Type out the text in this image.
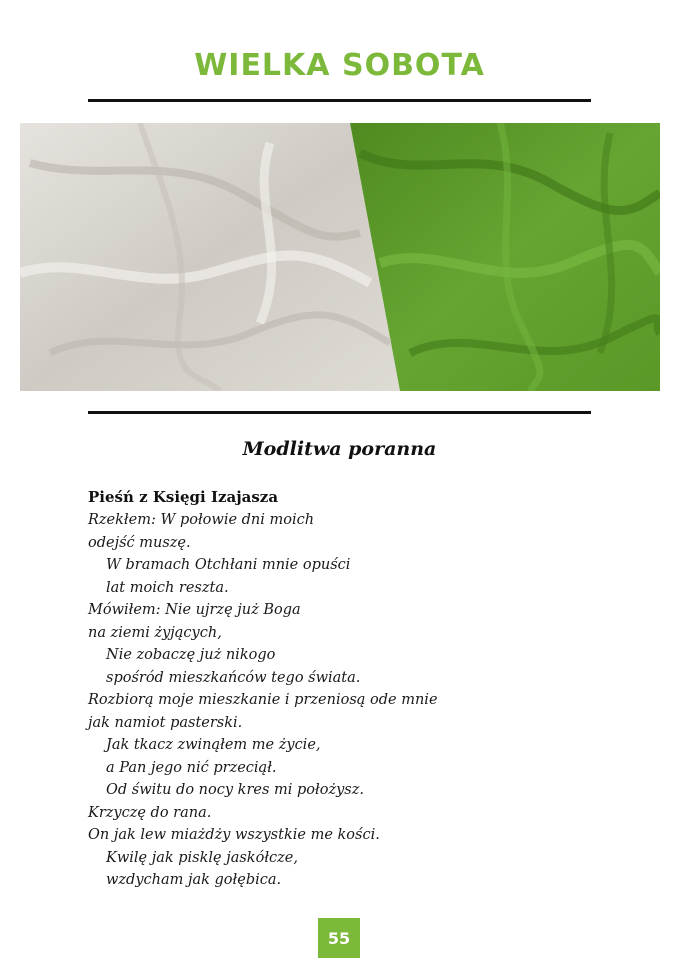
WIELKA SOBOTA
Modlitwa poranna
Pieśń z Księgi Izajasza
Rzekłem: W połowie dni moich
odejść muszę.
W bramach Otchłani mnie opuści
lat moich reszta.
Mówiłem: Nie ujrzę już Boga
na ziemi żyjących,
Nie zobaczę już nikogo
spośród mieszkańców tego świata.
Rozbiorą moje mieszkanie i przeniosą ode mnie
jak namiot pasterski.
Jak tkacz zwinąłem me życie,
a Pan jego nić przeciął.
Od świtu do nocy kres mi położysz.
Krzyczę do rana.
On jak lew miażdży wszystkie me kości.
Kwilę jak pisklę jaskółcze,
wzdycham jak gołębica.
55
